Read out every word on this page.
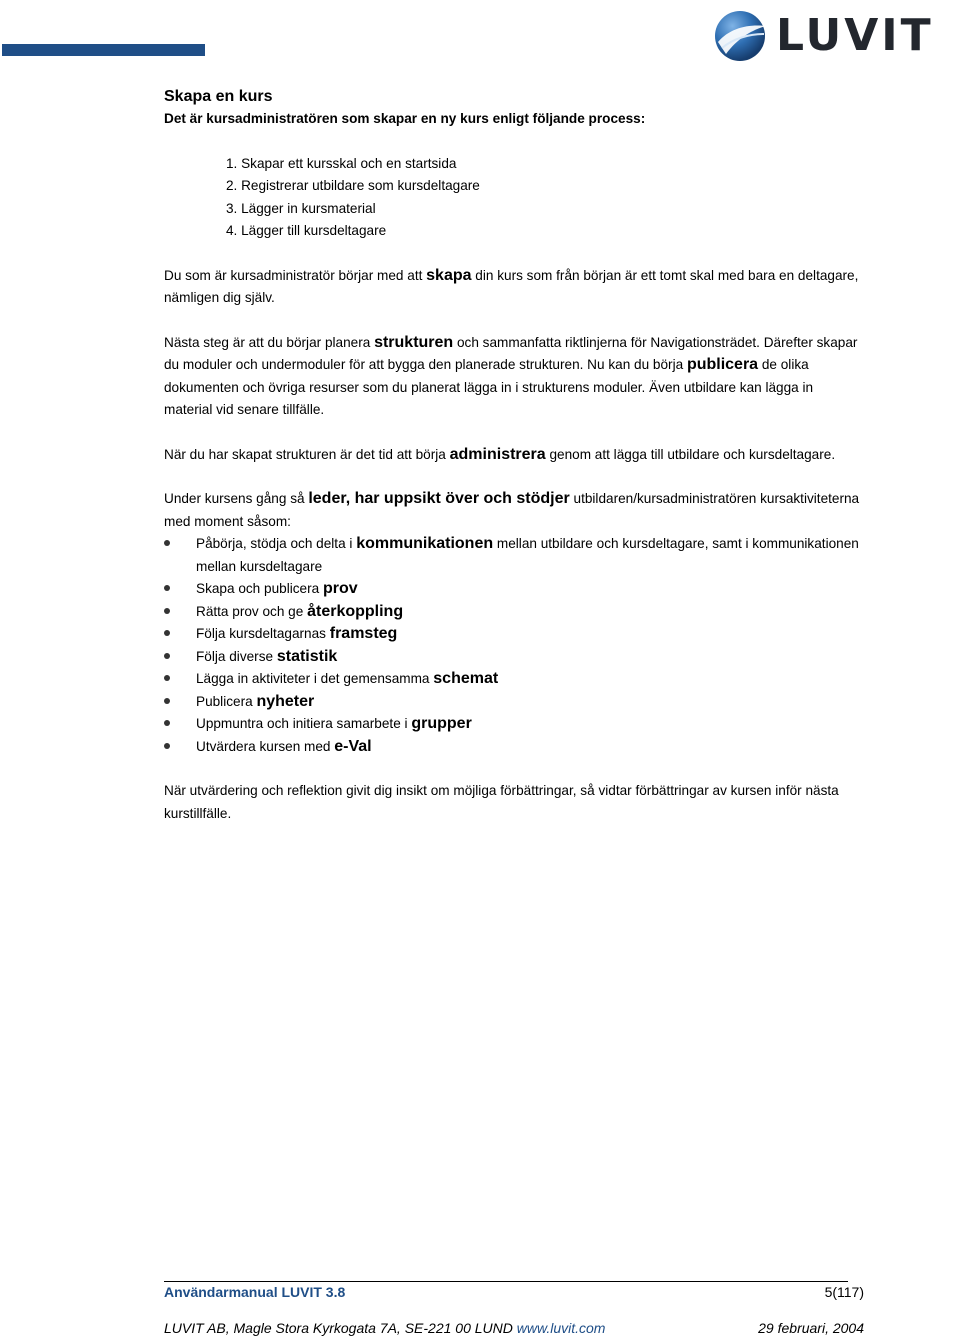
LUVIT
Skapa en kurs

Det är kursadministratören som skapar en ny kurs enligt följande process:

1. Skapar ett kursskal och en startsida
2. Registrerar utbildare som kursdeltagare
3. Lägger in kursmaterial
4. Lägger till kursdeltagare

Du som är kursadministratör börjar med att skapa din kurs som från början är ett tomt skal med bara en deltagare, nämligen dig själv.

Nästa steg är att du börjar planera strukturen och sammanfatta riktlinjerna för Navigationsträdet. Därefter skapar du moduler och undermoduler för att bygga den planerade strukturen. Nu kan du börja publicera de olika dokumenten och övriga resurser som du planerat lägga in i strukturens moduler. Även utbildare kan lägga in material vid senare tillfälle.

När du har skapat strukturen är det tid att börja administrera genom att lägga till utbildare och kursdeltagare.

Under kursens gång så leder, har uppsikt över och stödjer utbildaren/kursadministratören kursaktiviteterna med moment såsom:

Påbörja, stödja och delta i kommunikationen mellan utbildare och kursdeltagare, samt i kommunikationen mellan kursdeltagare
Skapa och publicera prov
Rätta prov och ge återkoppling
Följa kursdeltagarnas framsteg
Följa diverse statistik
Lägga in aktiviteter i det gemensamma schemat
Publicera nyheter
Uppmuntra och initiera samarbete i grupper
Utvärdera kursen med e-Val

När utvärdering och reflektion givit dig insikt om möjliga förbättringar, så vidtar förbättringar av kursen inför nästa kurstillfälle.

Användarmanual LUVIT 3.8	5(117)
LUVIT AB, Magle Stora Kyrkogata 7A, SE-221 00 LUND www.luvit.com	29 februari, 2004
